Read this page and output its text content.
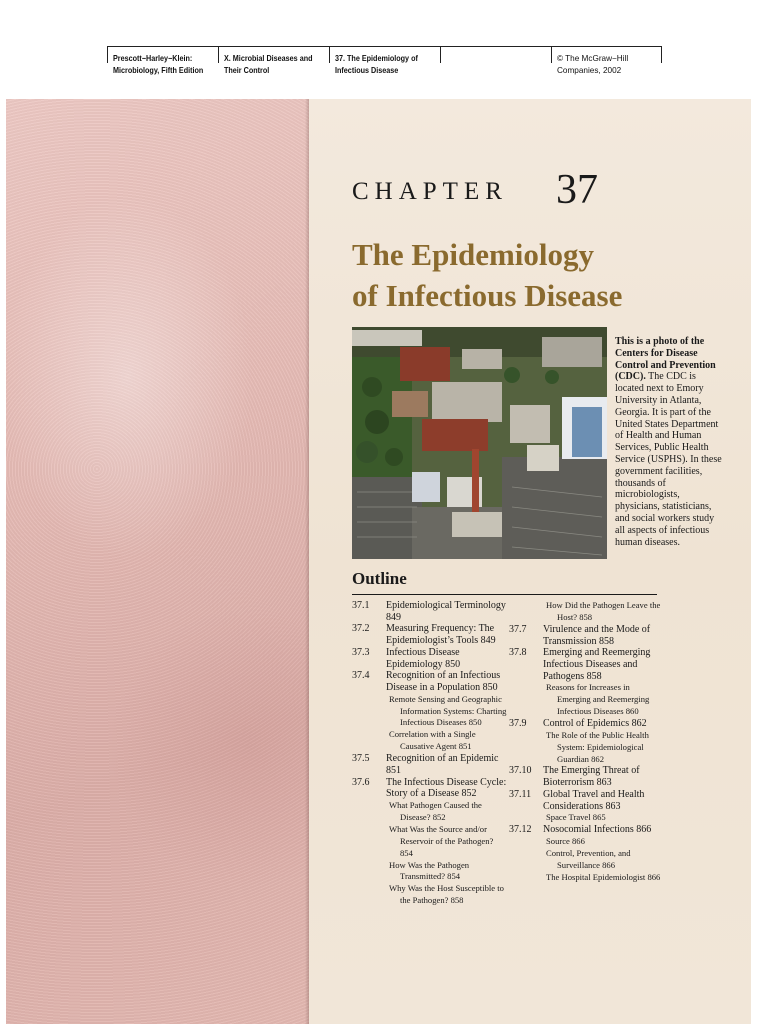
Prescott−Harley−Klein:
Microbiology, Fifth Edition
X. Microbial Diseases and
Their Control
37. The Epidemiology of
Infectious Disease
© The McGraw−Hill
Companies, 2002
CHAPTER 37
The Epidemiology
of Infectious Disease
This is a photo of the Centers for Disease Control and Prevention (CDC). The CDC is located next to Emory University in Atlanta, Georgia. It is part of the United States Department of Health and Human Services, Public Health Service (USPHS). In these government facilities, thousands of microbiologists, physicians, statisticians, and social workers study all aspects of infectious human diseases.
Outline
37.1 Epidemiological Terminology 849
37.2 Measuring Frequency: The Epidemiologist’s Tools 849
37.3 Infectious Disease Epidemiology 850
37.4 Recognition of an Infectious Disease in a Population 850
Remote Sensing and Geographic Information Systems: Charting Infectious Diseases 850
Correlation with a Single Causative Agent 851
37.5 Recognition of an Epidemic 851
37.6 The Infectious Disease Cycle: Story of a Disease 852
What Pathogen Caused the Disease? 852
What Was the Source and/or Reservoir of the Pathogen? 854
How Was the Pathogen Transmitted? 854
Why Was the Host Susceptible to the Pathogen? 858
How Did the Pathogen Leave the Host? 858
37.7 Virulence and the Mode of Transmission 858
37.8 Emerging and Reemerging Infectious Diseases and Pathogens 858
Reasons for Increases in Emerging and Reemerging Infectious Diseases 860
37.9 Control of Epidemics 862
The Role of the Public Health System: Epidemiological Guardian 862
37.10 The Emerging Threat of Bioterrorism 863
37.11 Global Travel and Health Considerations 863
Space Travel 865
37.12 Nosocomial Infections 866
Source 866
Control, Prevention, and Surveillance 866
The Hospital Epidemiologist 866
